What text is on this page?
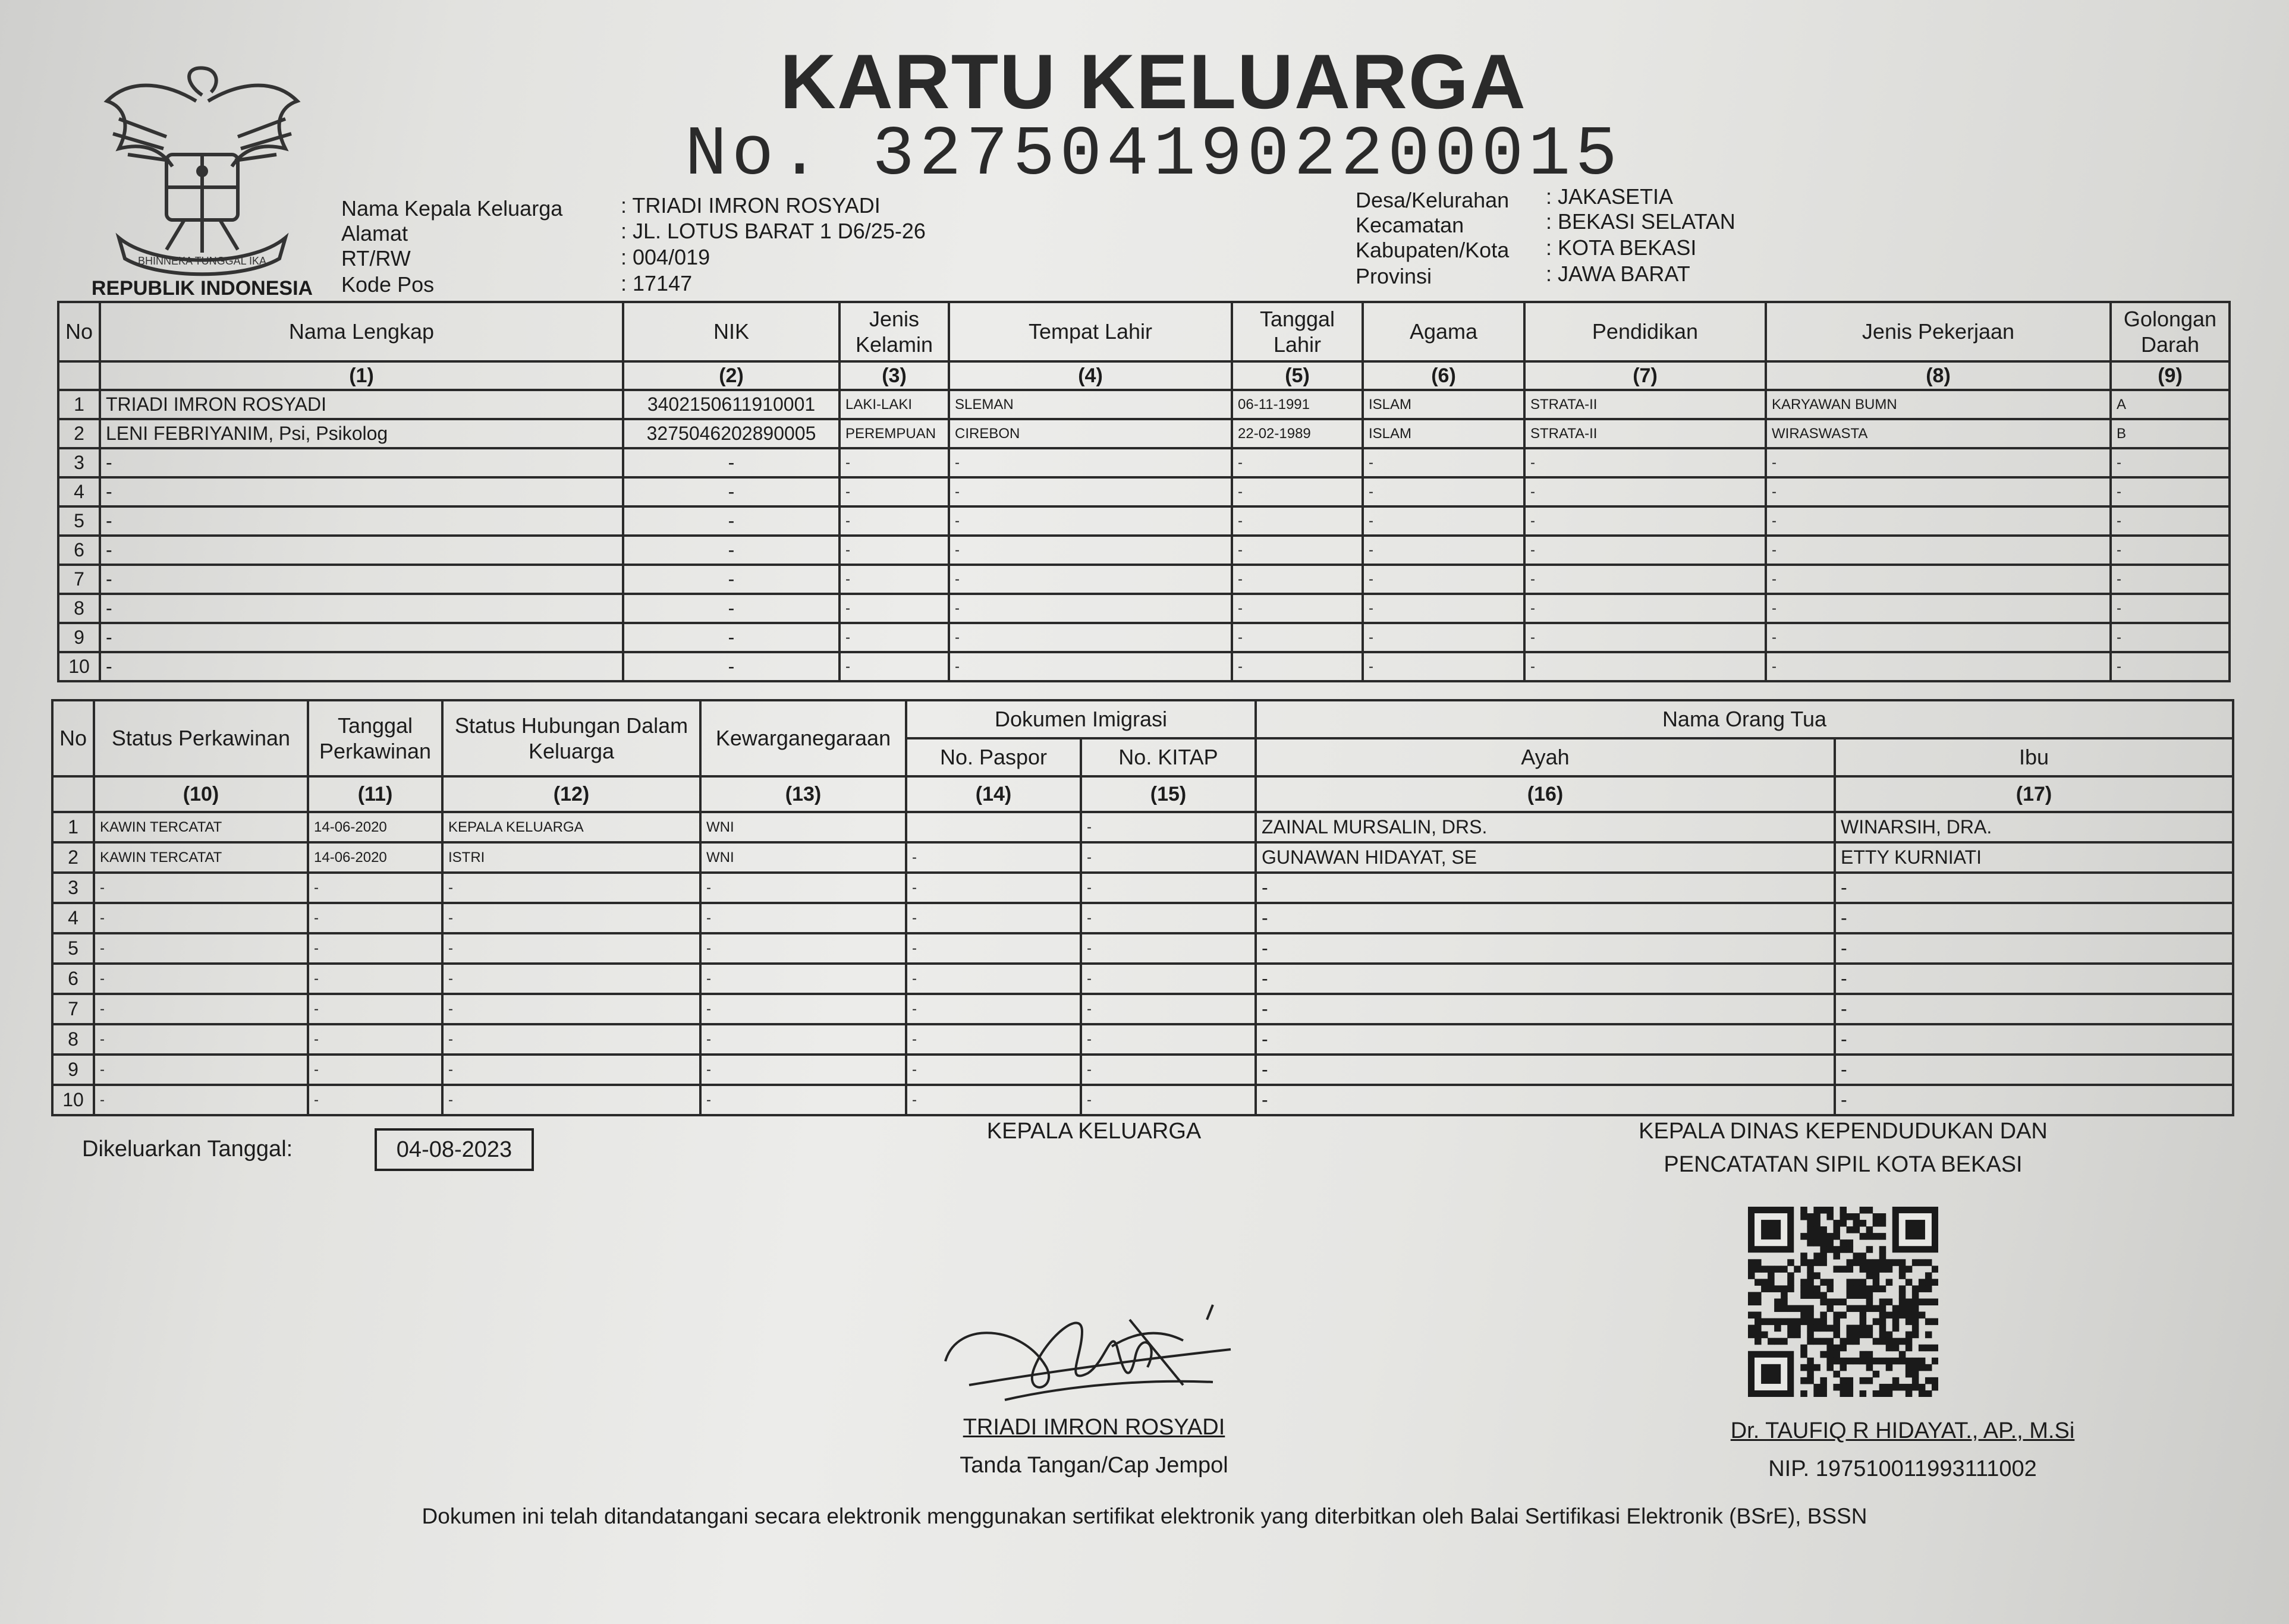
BHINNEKA TUNGGAL IKA
REPUBLIK INDONESIA
KARTU KELUARGA
No. 3275041902200015
Nama Kepala Keluarga	: TRIADI IMRON ROSYADI
Alamat	: JL. LOTUS BARAT 1 D6/25-26
RT/RW	: 004/019
Kode Pos	: 17147
Desa/Kelurahan : JAKASETIA
Kecamatan	: BEKASI SELATAN
Kabupaten/Kota : KOTA BEKASI
Provinsi	: JAWA BARAT
No	Nama Lengkap	NIK	Jenis Kelamin	Tempat Lahir	Tanggal Lahir	Agama	Pendidikan	Jenis Pekerjaan	Golongan Darah
	(1)	(2)	(3)	(4)	(5)	(6)	(7)	(8)	(9)
1	TRIADI IMRON ROSYADI	3402150611910001	LAKI-LAKI	SLEMAN	06-11-1991	ISLAM	STRATA-II	KARYAWAN BUMN	A
2	LENI FEBRIYANIM, Psi, Psikolog	3275046202890005	PEREMPUAN	CIREBON	22-02-1989	ISLAM	STRATA-II	WIRASWASTA	B
3	-	-	-	-	-	-	-	-	-
4	-	-	-	-	-	-	-	-	-
5	-	-	-	-	-	-	-	-	-
6	-	-	-	-	-	-	-	-	-
7	-	-	-	-	-	-	-	-	-
8	-	-	-	-	-	-	-	-	-
9	-	-	-	-	-	-	-	-	-
10	-	-	-	-	-	-	-	-	-
No	Status Perkawinan	Tanggal Perkawinan	Status Hubungan Dalam Keluarga	Kewarganegaraan	Dokumen Imigrasi		Nama Orang Tua	
					No. Paspor	No. KITAP	Ayah	Ibu
	(10)	(11)	(12)	(13)	(14)	(15)	(16)	(17)
1	KAWIN TERCATAT	14-06-2020	KEPALA KELUARGA	WNI		-	ZAINAL MURSALIN, DRS.	WINARSIH, DRA.
2	KAWIN TERCATAT	14-06-2020	ISTRI	WNI	-	-	GUNAWAN HIDAYAT, SE	ETTY KURNIATI
3	-	-	-	-	-	-	-	-
4	-	-	-	-	-	-	-	-
5	-	-	-	-	-	-	-	-
6	-	-	-	-	-	-	-	-
7	-	-	-	-	-	-	-	-
8	-	-	-	-	-	-	-	-
9	-	-	-	-	-	-	-	-
10	-	-	-	-	-	-	-	-
Dikeluarkan Tanggal:	04-08-2023
KEPALA KELUARGA	KEPALA DINAS KEPENDUDUKAN DAN
PENCATATAN SIPIL KOTA BEKASI
TRIADI IMRON ROSYADI
Tanda Tangan/Cap Jempol
Dr. TAUFIQ R HIDAYAT., AP., M.Si
NIP. 197510011993111002
Dokumen ini telah ditandatangani secara elektronik menggunakan sertifikat elektronik yang diterbitkan oleh Balai Sertifikasi Elektronik (BSrE), BSSN
